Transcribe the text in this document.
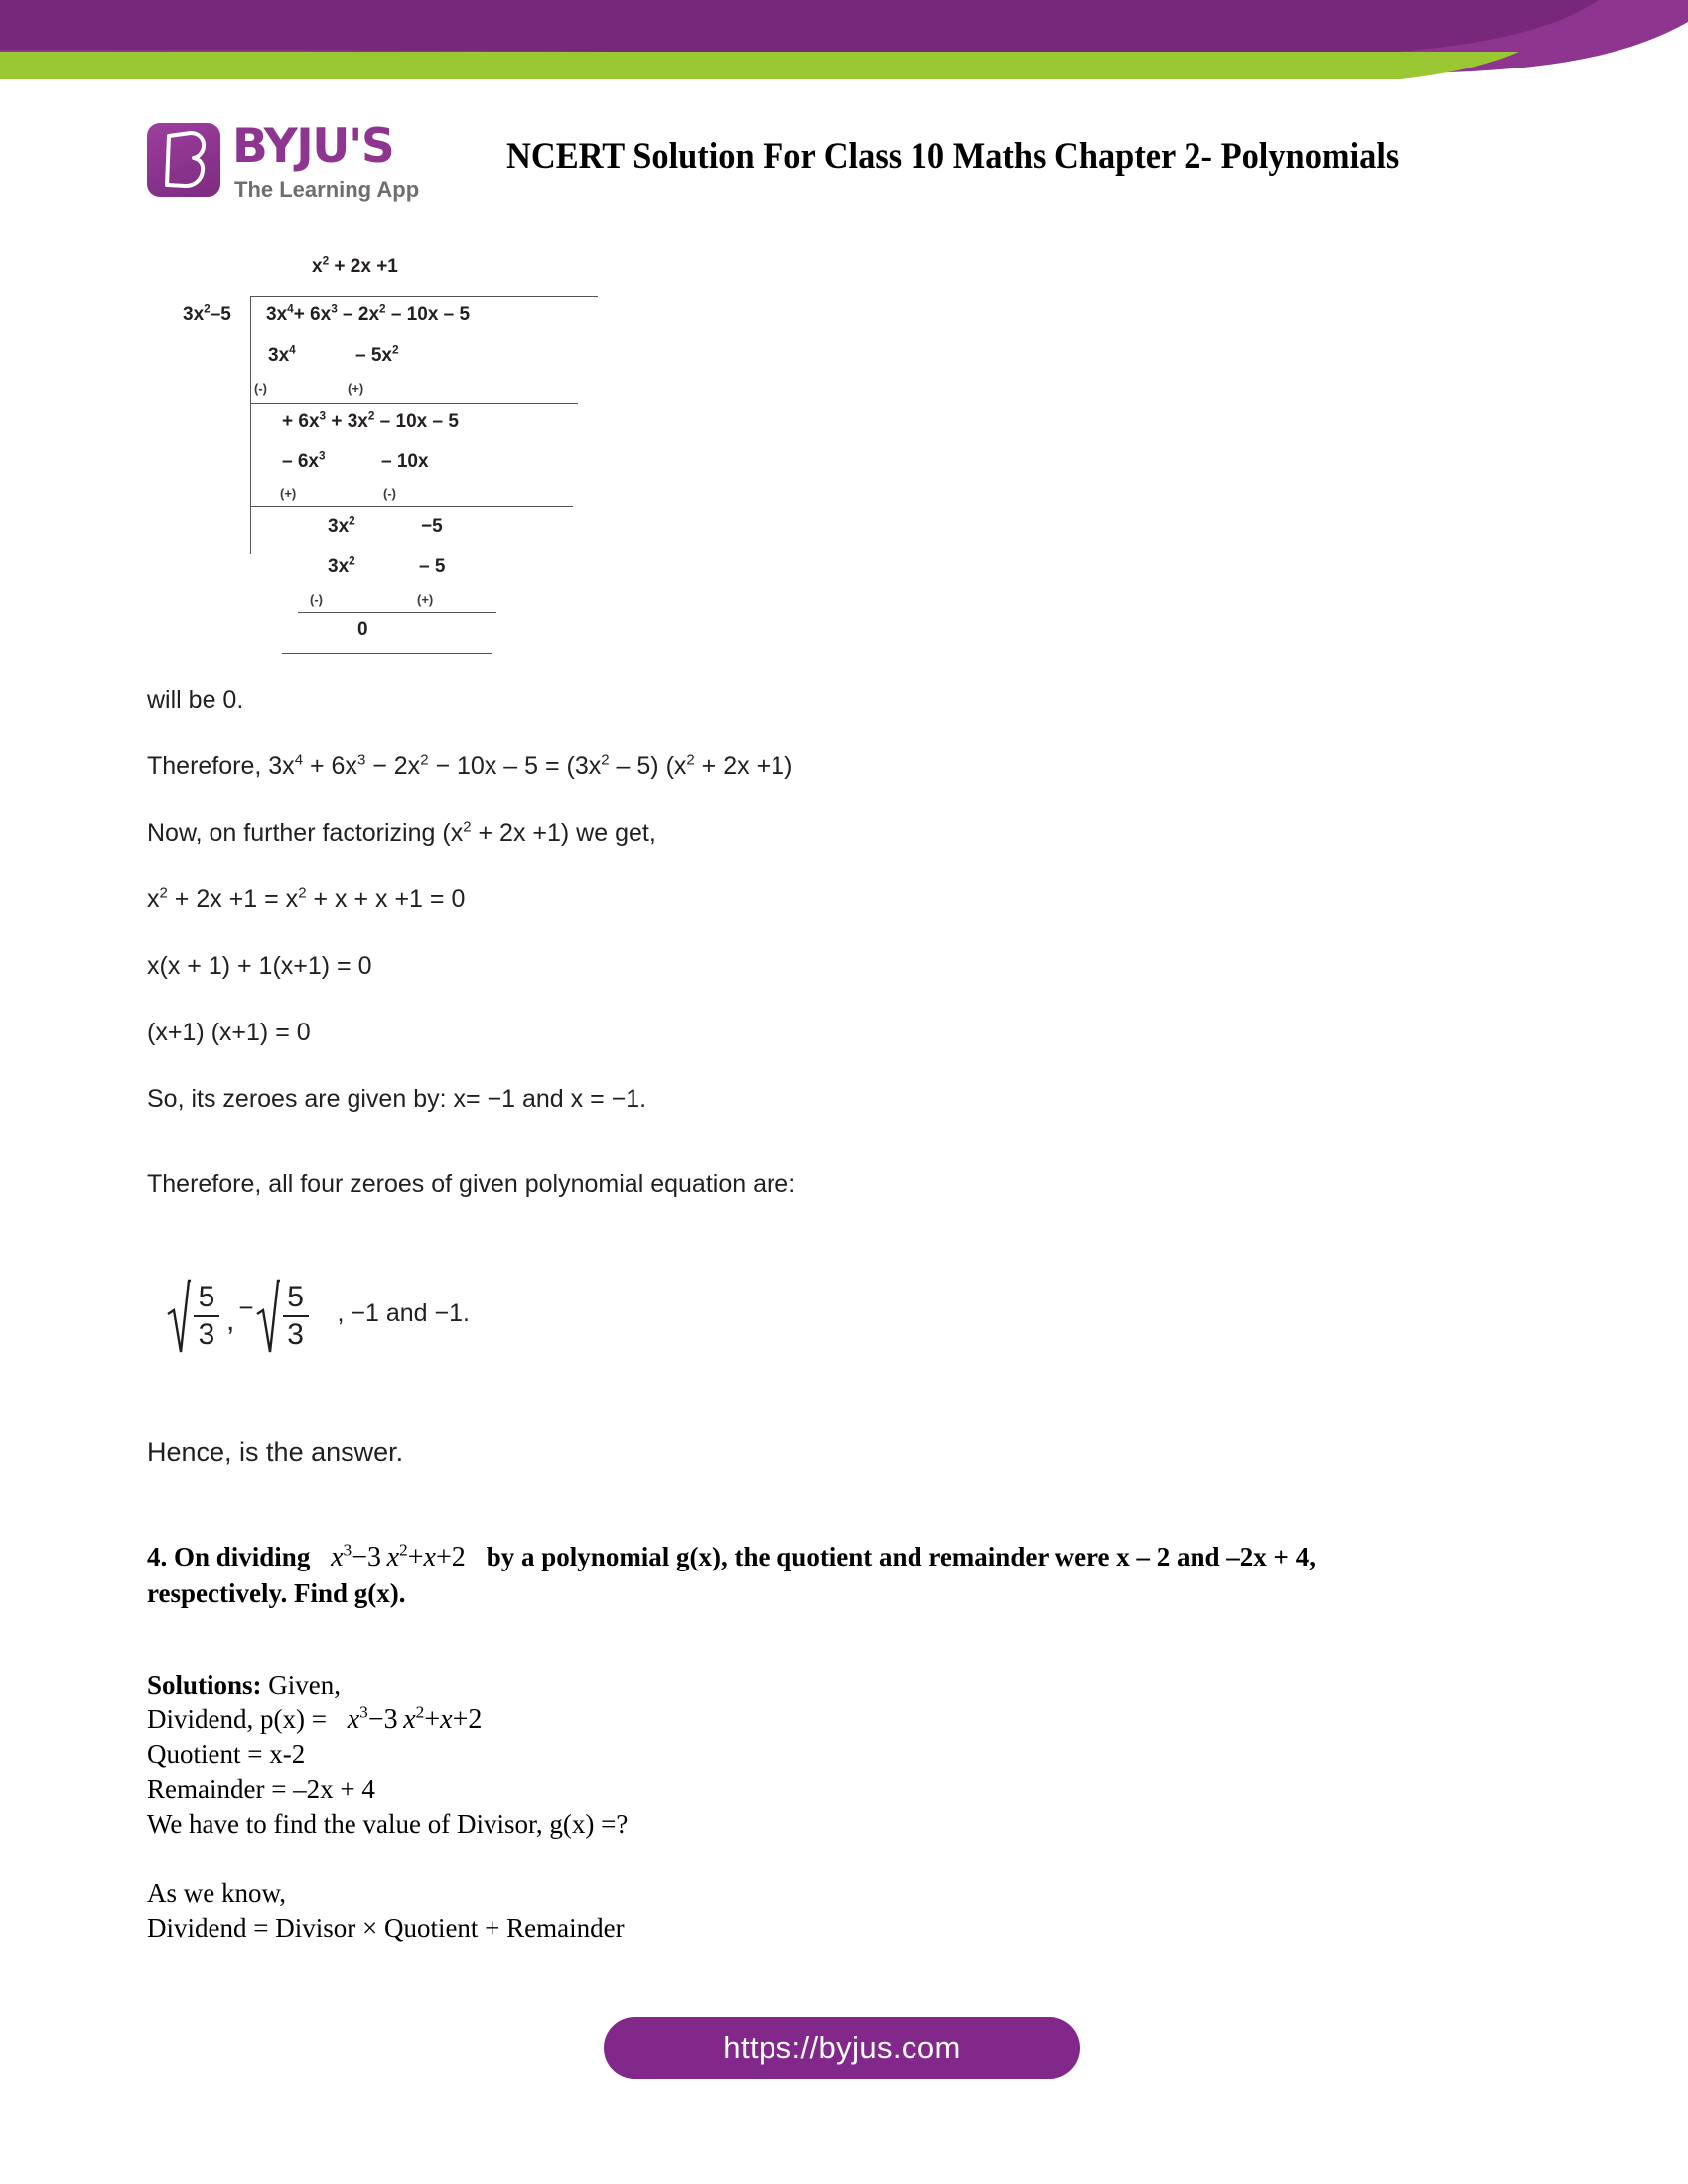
BYJU'S
The Learning App
NCERT Solution For Class 10 Maths Chapter 2- Polynomials
$x^2 + 2x +1$
$3x^2-5$ $3x^4+ 6x^3 - 2x^2 - 10x - 5$
$3x^4$	– $5x^2$
(-)	(+)
+ $6x^3 + 3x^2 - 10x - 5$
– $6x^3$	– 10x
(+)	(-)
$3x^2$	−5
$3x^2$	– 5
(-)	(+)
0

will be 0.

Therefore, $3x^4 + 6x^3 - 2x^2 - 10x - 5 = (3x^2 - 5) (x^2 + 2x +1)$

Now, on further factorizing $(x^2 + 2x +1)$ we get,

$x^2 + 2x +1 = x^2 + x + x +1 = 0$

x(x + 1) + 1(x+1) = 0

(x+1) (x+1) = 0

So, its zeroes are given by: x= −1 and x = −1.

Therefore, all four zeroes of given polynomial equation are:

$\frac{5}{3}$ , − $\frac{5}{3}$ , −1 and −1.
Hence, is the answer.
4. On dividing $x^3-3$ $x^2+x+2$   by a polynomial g(x), the quotient and remainder were x – 2 and –2x + 4,
respectively. Find g(x).
Solutions: Given,
Dividend, $p(x) = x^3-3$ $x^2+x+2$
Quotient = x-2
Remainder = –2x + 4
We have to find the value of Divisor, g(x) =?
As we know,
Dividend = Divisor × Quotient + Remainder
https://byjus.com
